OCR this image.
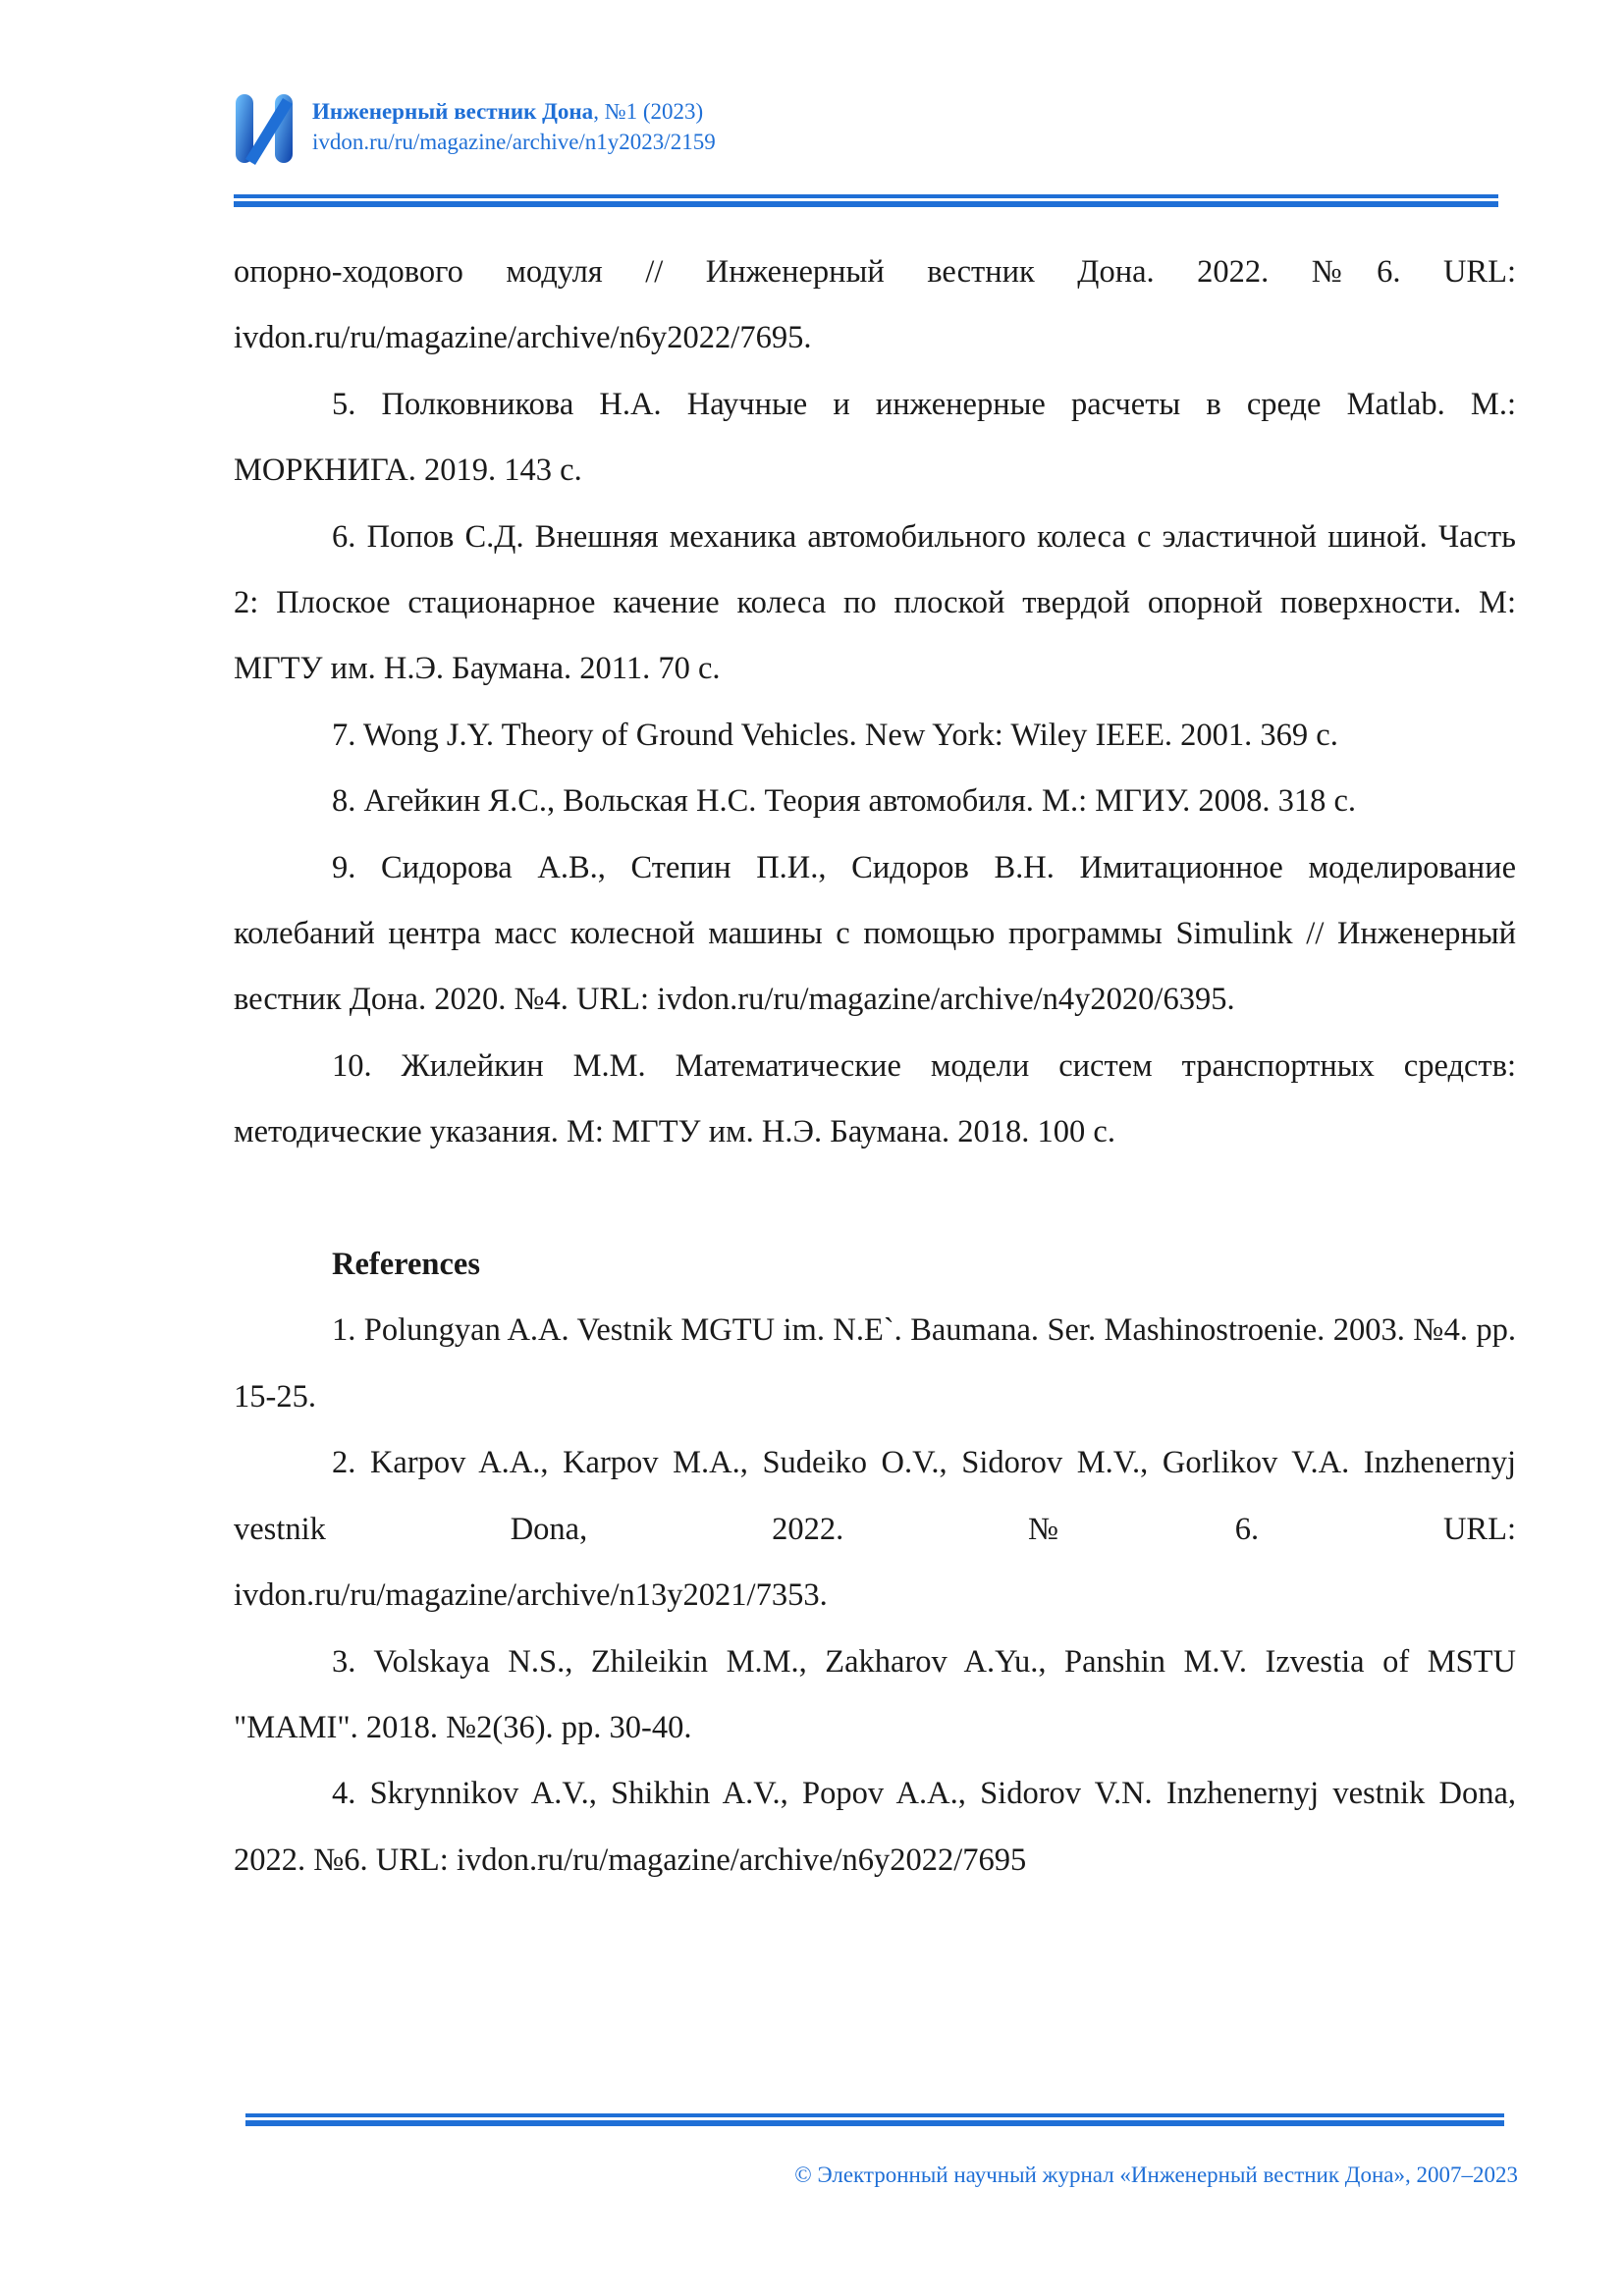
Инженерный вестник Дона, №1 (2023)
ivdon.ru/ru/magazine/archive/n1y2023/2159
опорно-ходового модуля // Инженерный вестник Дона. 2022. №6. URL: ivdon.ru/ru/magazine/archive/n6y2022/7695.
5. Полковникова Н.А. Научные и инженерные расчеты в среде Matlab. М.: МОРКНИГА. 2019. 143 с.
6. Попов С.Д. Внешняя механика автомобильного колеса с эластичной шиной. Часть 2: Плоское стационарное качение колеса по плоской твердой опорной поверхности. М: МГТУ им. Н.Э. Баумана. 2011. 70 с.
7. Wong J.Y. Theory of Ground Vehicles. New York: Wiley IEEE. 2001. 369 с.
8. Агейкин Я.С., Вольская Н.С. Теория автомобиля. М.: МГИУ. 2008. 318 с.
9. Сидорова А.В., Степин П.И., Сидоров В.Н. Имитационное моделирование колебаний центра масс колесной машины с помощью программы Simulink // Инженерный вестник Дона. 2020. №4. URL: ivdon.ru/ru/magazine/archive/n4y2020/6395.
10. Жилейкин М.М. Математические модели систем транспортных средств: методические указания. М: МГТУ им. Н.Э. Баумана. 2018. 100 с.
References
1. Polungyan A.A. Vestnik MGTU im. N.E`. Baumana. Ser. Mashinostroenie. 2003. №4. pp. 15-25.
2. Karpov A.A., Karpov M.A., Sudeiko O.V., Sidorov M.V., Gorlikov V.A. Inzhenernyj vestnik Dona, 2022. №6. URL:
ivdon.ru/ru/magazine/archive/n13y2021/7353.
3. Volskaya N.S., Zhileikin M.M., Zakharov A.Yu., Panshin M.V. Izvestia of MSTU "MAMI". 2018. №2(36). pp. 30-40.
4. Skrynnikov A.V., Shikhin A.V., Popov A.A., Sidorov V.N. Inzhenernyj vestnik Dona, 2022. №6. URL: ivdon.ru/ru/magazine/archive/n6y2022/7695
© Электронный научный журнал «Инженерный вестник Дона», 2007–2023
